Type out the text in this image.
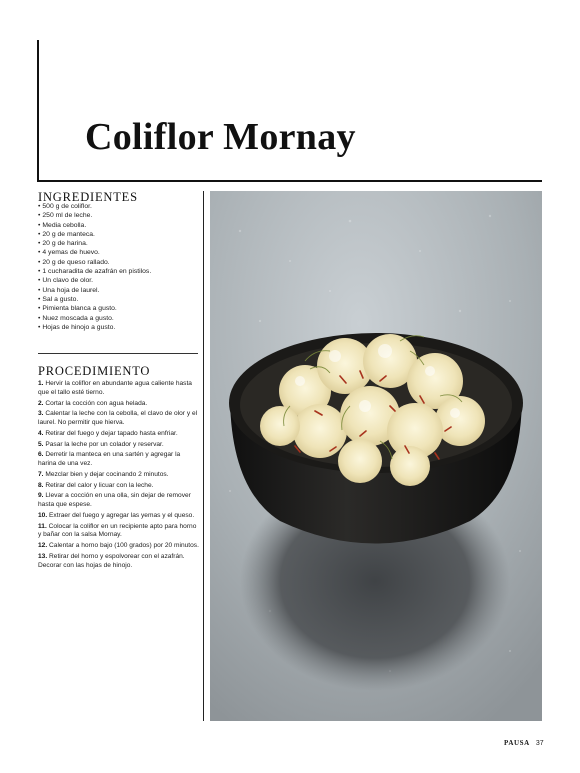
Coliflor Mornay
INGREDIENTES
• 500 g de coliflor.
• 250 ml de leche.
• Media cebolla.
• 20 g de manteca.
• 20 g de harina.
• 4 yemas de huevo.
• 20 g de queso rallado.
• 1 cucharadita de azafrán en pistilos.
• Un clavo de olor.
• Una hoja de laurel.
• Sal a gusto.
• Pimienta blanca a gusto.
• Nuez moscada a gusto.
• Hojas de hinojo a gusto.
PROCEDIMIENTO
1. Hervir la coliflor en abundante agua caliente hasta que el tallo esté tierno.
2. Cortar la cocción con agua helada.
3. Calentar la leche con la cebolla, el clavo de olor y el laurel. No permitir que hierva.
4. Retirar del fuego y dejar tapado hasta enfriar.
5. Pasar la leche por un colador y reservar.
6. Derretir la manteca en una sartén y agregar la harina de una vez.
7. Mezclar bien y dejar cocinando 2 minutos.
8. Retirar del calor y licuar con la leche.
9. Llevar a cocción en una olla, sin dejar de remover hasta que espese.
10. Extraer del fuego y agregar las yemas y el queso.
11. Colocar la coliflor en un recipiente apto para horno y bañar con la salsa Mornay.
12. Calentar a horno bajo (100 grados) por 20 minutos.
13. Retirar del horno y espolvorear con el azafrán. Decorar con las hojas de hinojo.
PAUSA 37
